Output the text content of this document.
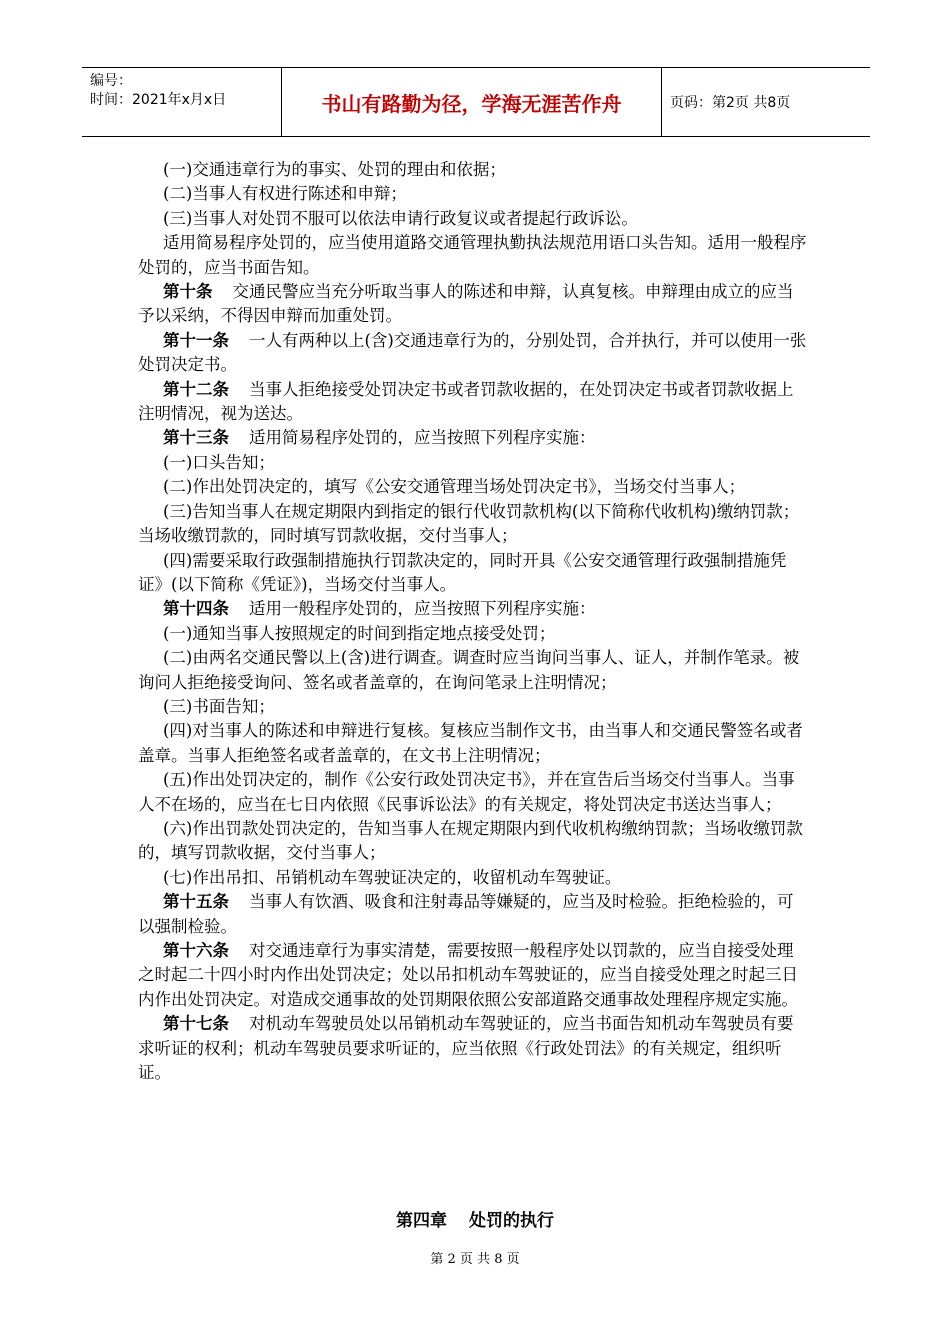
编号：
时间：2021年x月x日	书山有路勤为径，学海无涯苦作舟	页码：第2页 共8页

(一)交通违章行为的事实、处罚的理由和依据；

(二)当事人有权进行陈述和申辩；

(三)当事人对处罚不服可以依法申请行政复议或者提起行政诉讼。

适用简易程序处罚的，应当使用道路交通管理执勤执法规范用语口头告知。适用一般程序处罚的，应当书面告知。

第十条 交通民警应当充分听取当事人的陈述和申辩，认真复核。申辩理由成立的应当予以采纳，不得因申辩而加重处罚。

第十一条 一人有两种以上(含)交通违章行为的，分别处罚，合并执行，并可以使用一张处罚决定书。

第十二条 当事人拒绝接受处罚决定书或者罚款收据的，在处罚决定书或者罚款收据上注明情况，视为送达。

第十三条 适用简易程序处罚的，应当按照下列程序实施：

(一)口头告知；

(二)作出处罚决定的，填写《公安交通管理当场处罚决定书》，当场交付当事人；

(三)告知当事人在规定期限内到指定的银行代收罚款机构(以下简称代收机构)缴纳罚款；当场收缴罚款的，同时填写罚款收据，交付当事人；

(四)需要采取行政强制措施执行罚款决定的，同时开具《公安交通管理行政强制措施凭证》(以下简称《凭证》)，当场交付当事人。

第十四条 适用一般程序处罚的，应当按照下列程序实施：

(一)通知当事人按照规定的时间到指定地点接受处罚；

(二)由两名交通民警以上(含)进行调查。调查时应当询问当事人、证人，并制作笔录。被询问人拒绝接受询问、签名或者盖章的，在询问笔录上注明情况；

(三)书面告知；

(四)对当事人的陈述和申辩进行复核。复核应当制作文书，由当事人和交通民警签名或者盖章。当事人拒绝签名或者盖章的，在文书上注明情况；

(五)作出处罚决定的，制作《公安行政处罚决定书》，并在宣告后当场交付当事人。当事人不在场的，应当在七日内依照《民事诉讼法》的有关规定，将处罚决定书送达当事人；

(六)作出罚款处罚决定的，告知当事人在规定期限内到代收机构缴纳罚款；当场收缴罚款的，填写罚款收据，交付当事人；

(七)作出吊扣、吊销机动车驾驶证决定的，收留机动车驾驶证。

第十五条 当事人有饮酒、吸食和注射毒品等嫌疑的，应当及时检验。拒绝检验的，可以强制检验。

第十六条 对交通违章行为事实清楚，需要按照一般程序处以罚款的，应当自接受处理之时起二十四小时内作出处罚决定；处以吊扣机动车驾驶证的，应当自接受处理之时起三日内作出处罚决定。对造成交通事故的处罚期限依照公安部道路交通事故处理程序规定实施。

第十七条 对机动车驾驶员处以吊销机动车驾驶证的，应当书面告知机动车驾驶员有要求听证的权利；机动车驾驶员要求听证的，应当依照《行政处罚法》的有关规定，组织听证。

第四章 处罚的执行
第 2 页 共 8 页
